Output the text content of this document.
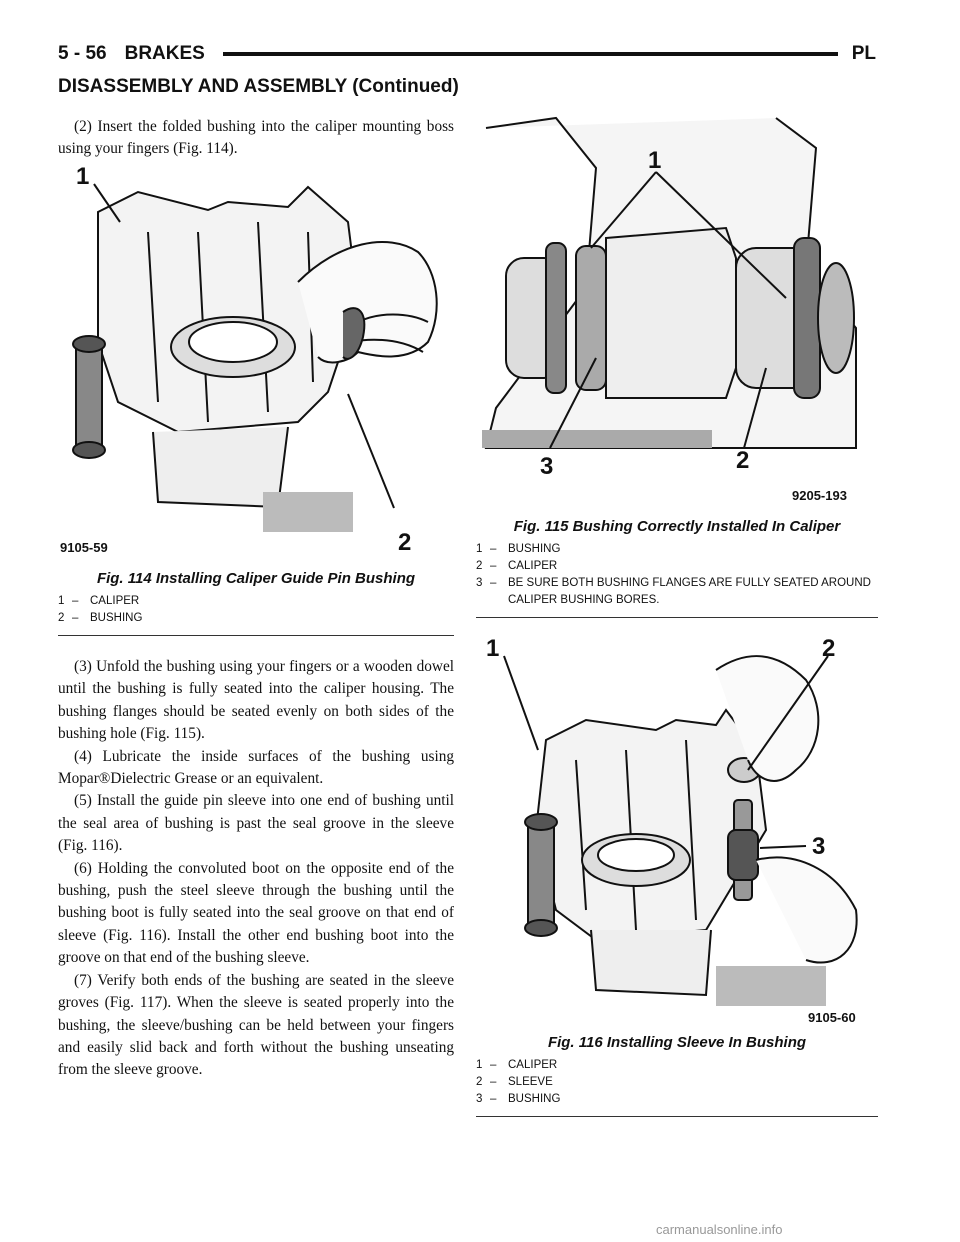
5 - 56 BRAKES	PL
DISASSEMBLY AND ASSEMBLY (Continued)

(2) Insert the folded bushing into the caliper mounting boss using your fingers (Fig. 114).

1
2
9105-59
Fig. 114 Installing Caliper Guide Pin Bushing
1 –	CALIPER
2 –	BUSHING

(3) Unfold the bushing using your fingers or a wooden dowel until the bushing is fully seated into the caliper housing. The bushing flanges should be seated evenly on both sides of the bushing hole (Fig. 115).

(4) Lubricate the inside surfaces of the bushing using Mopar®Dielectric Grease or an equivalent.

(5) Install the guide pin sleeve into one end of bushing until the seal area of bushing is past the seal groove in the sleeve (Fig. 116).

(6) Holding the convoluted boot on the opposite end of the bushing, push the steel sleeve through the bushing until the bushing boot is fully seated into the seal groove on that end of sleeve (Fig. 116). Install the other end bushing boot into the groove on that end of the bushing sleeve.

(7) Verify both ends of the bushing are seated in the sleeve groves (Fig. 117). When the sleeve is seated properly into the bushing, the sleeve/bushing can be held between your fingers and easily slid back and forth without the bushing unseating from the sleeve groove.

1
3	2
9205-193
Fig. 115 Bushing Correctly Installed In Caliper
1 –	BUSHING
2 –	CALIPER
3 –	BE SURE BOTH BUSHING FLANGES ARE FULLY SEATED AROUND CALIPER BUSHING BORES.
1	2
3
9105-60
Fig. 116 Installing Sleeve In Bushing
1 –	CALIPER
2 –	SLEEVE
3 –	BUSHING
carmanualsonline.info
